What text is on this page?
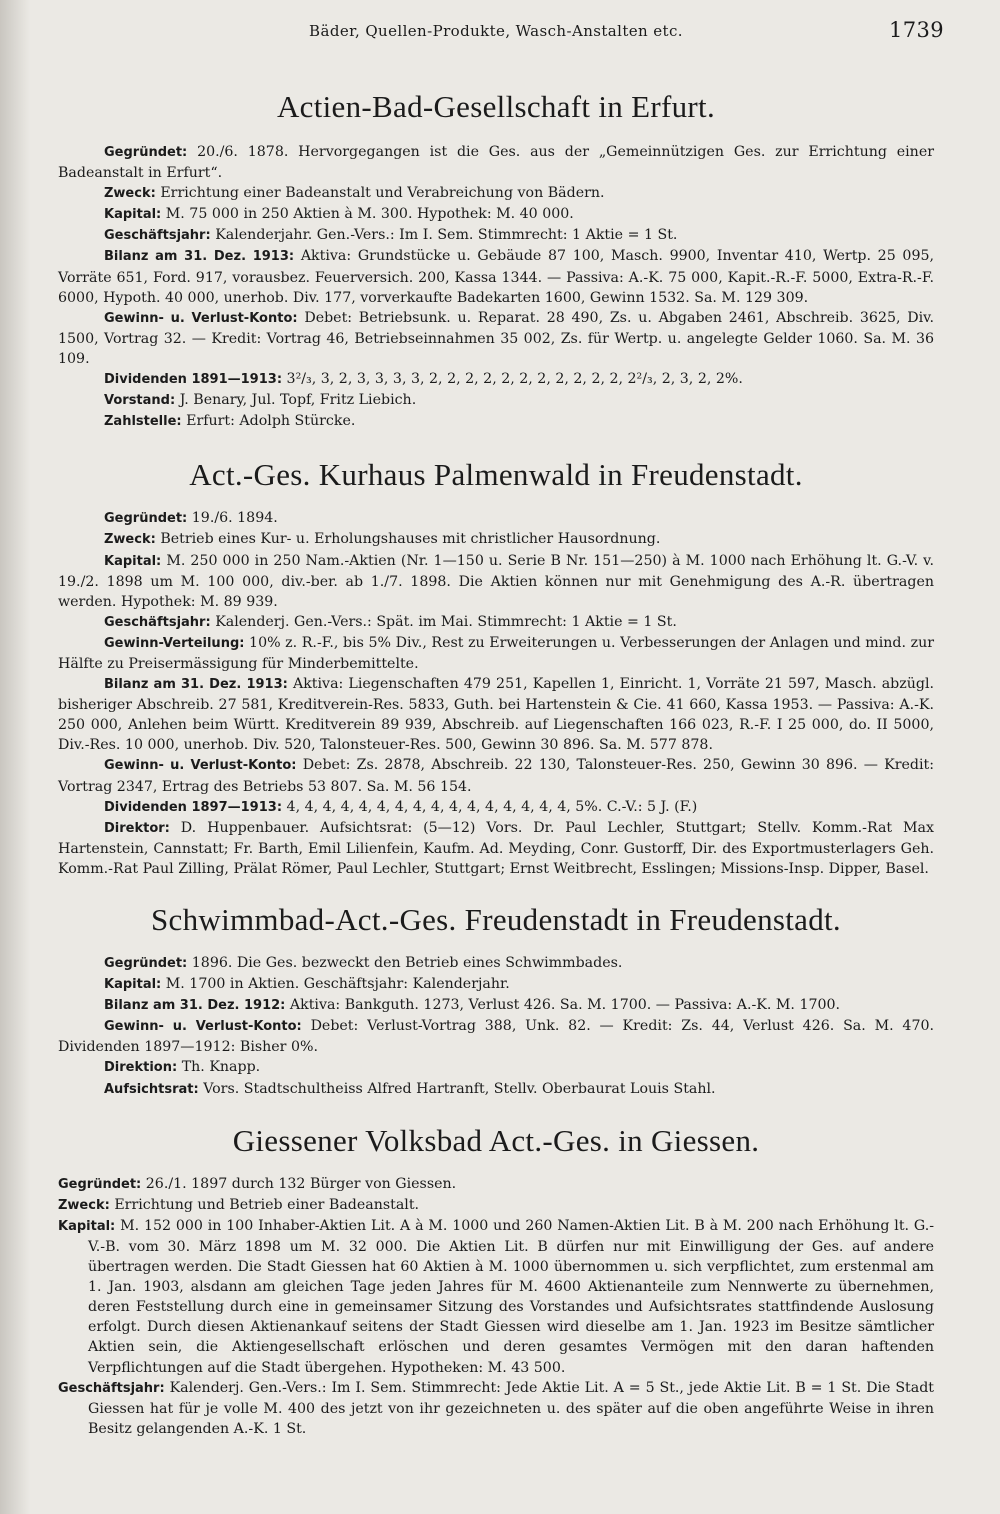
Bäder, Quellen-Produkte, Wasch-Anstalten etc.	1739
Actien-Bad-Gesellschaft in Erfurt.

Gegründet: 20./6. 1878. Hervorgegangen ist die Ges. aus der „Gemeinnützigen Ges. zur Errichtung einer Badeanstalt in Erfurt“.

Zweck: Errichtung einer Badeanstalt und Verabreichung von Bädern.

Kapital: M. 75 000 in 250 Aktien à M. 300. Hypothek: M. 40 000.

Geschäftsjahr: Kalenderjahr. Gen.-Vers.: Im I. Sem. Stimmrecht: 1 Aktie = 1 St.

Bilanz am 31. Dez. 1913: Aktiva: Grundstücke u. Gebäude 87 100, Masch. 9900, Inventar 410, Wertp. 25 095, Vorräte 651, Ford. 917, vorausbez. Feuerversich. 200, Kassa 1344. — Passiva: A.-K. 75 000, Kapit.-R.-F. 5000, Extra-R.-F. 6000, Hypoth. 40 000, unerhob. Div. 177, vorverkaufte Badekarten 1600, Gewinn 1532. Sa. M. 129 309.

Gewinn- u. Verlust-Konto: Debet: Betriebsunk. u. Reparat. 28 490, Zs. u. Abgaben 2461, Abschreib. 3625, Div. 1500, Vortrag 32. — Kredit: Vortrag 46, Betriebseinnahmen 35 002, Zs. für Wertp. u. angelegte Gelder 1060. Sa. M. 36 109.

Dividenden 1891—1913: 3²/₃, 3, 2, 3, 3, 3, 3, 2, 2, 2, 2, 2, 2, 2, 2, 2, 2, 2, 2²/₃, 2, 3, 2, 2%.

Vorstand: J. Benary, Jul. Topf, Fritz Liebich.

Zahlstelle: Erfurt: Adolph Stürcke.

Act.-Ges. Kurhaus Palmenwald in Freudenstadt.

Gegründet: 19./6. 1894.

Zweck: Betrieb eines Kur- u. Erholungshauses mit christlicher Hausordnung.

Kapital: M. 250 000 in 250 Nam.-Aktien (Nr. 1—150 u. Serie B Nr. 151—250) à M. 1000 nach Erhöhung lt. G.-V. v. 19./2. 1898 um M. 100 000, div.-ber. ab 1./7. 1898. Die Aktien können nur mit Genehmigung des A.-R. übertragen werden. Hypothek: M. 89 939.

Geschäftsjahr: Kalenderj. Gen.-Vers.: Spät. im Mai. Stimmrecht: 1 Aktie = 1 St.

Gewinn-Verteilung: 10% z. R.-F., bis 5% Div., Rest zu Erweiterungen u. Verbesserungen der Anlagen und mind. zur Hälfte zu Preisermässigung für Minderbemittelte.

Bilanz am 31. Dez. 1913: Aktiva: Liegenschaften 479 251, Kapellen 1, Einricht. 1, Vorräte 21 597, Masch. abzügl. bisheriger Abschreib. 27 581, Kreditverein-Res. 5833, Guth. bei Hartenstein & Cie. 41 660, Kassa 1953. — Passiva: A.-K. 250 000, Anlehen beim Württ. Kreditverein 89 939, Abschreib. auf Liegenschaften 166 023, R.-F. I 25 000, do. II 5000, Div.-Res. 10 000, unerhob. Div. 520, Talonsteuer-Res. 500, Gewinn 30 896. Sa. M. 577 878.

Gewinn- u. Verlust-Konto: Debet: Zs. 2878, Abschreib. 22 130, Talonsteuer-Res. 250, Gewinn 30 896. — Kredit: Vortrag 2347, Ertrag des Betriebs 53 807. Sa. M. 56 154.

Dividenden 1897—1913: 4, 4, 4, 4, 4, 4, 4, 4, 4, 4, 4, 4, 4, 4, 4, 4, 5%. C.-V.: 5 J. (F.)

Direktor: D. Huppenbauer. Aufsichtsrat: (5—12) Vors. Dr. Paul Lechler, Stuttgart; Stellv. Komm.-Rat Max Hartenstein, Cannstatt; Fr. Barth, Emil Lilienfein, Kaufm. Ad. Meyding, Conr. Gustorff, Dir. des Exportmusterlagers Geh. Komm.-Rat Paul Zilling, Prälat Römer, Paul Lechler, Stuttgart; Ernst Weitbrecht, Esslingen; Missions-Insp. Dipper, Basel.

Schwimmbad-Act.-Ges. Freudenstadt in Freudenstadt.

Gegründet: 1896. Die Ges. bezweckt den Betrieb eines Schwimmbades.

Kapital: M. 1700 in Aktien. Geschäftsjahr: Kalenderjahr.

Bilanz am 31. Dez. 1912: Aktiva: Bankguth. 1273, Verlust 426. Sa. M. 1700. — Passiva: A.-K. M. 1700.

Gewinn- u. Verlust-Konto: Debet: Verlust-Vortrag 388, Unk. 82. — Kredit: Zs. 44, Verlust 426. Sa. M. 470. Dividenden 1897—1912: Bisher 0%.

Direktion: Th. Knapp.

Aufsichtsrat: Vors. Stadtschultheiss Alfred Hartranft, Stellv. Oberbaurat Louis Stahl.

Giessener Volksbad Act.-Ges. in Giessen.

Gegründet: 26./1. 1897 durch 132 Bürger von Giessen.

Zweck: Errichtung und Betrieb einer Badeanstalt.

Kapital: M. 152 000 in 100 Inhaber-Aktien Lit. A à M. 1000 und 260 Namen-Aktien Lit. B à M. 200 nach Erhöhung lt. G.-V.-B. vom 30. März 1898 um M. 32 000. Die Aktien Lit. B dürfen nur mit Einwilligung der Ges. auf andere übertragen werden. Die Stadt Giessen hat 60 Aktien à M. 1000 übernommen u. sich verpflichtet, zum erstenmal am 1. Jan. 1903, alsdann am gleichen Tage jeden Jahres für M. 4600 Aktienanteile zum Nennwerte zu übernehmen, deren Feststellung durch eine in gemeinsamer Sitzung des Vorstandes und Aufsichtsrates stattfindende Auslosung erfolgt. Durch diesen Aktienankauf seitens der Stadt Giessen wird dieselbe am 1. Jan. 1923 im Besitze sämtlicher Aktien sein, die Aktiengesellschaft erlöschen und deren gesamtes Vermögen mit den daran haftenden Verpflichtungen auf die Stadt übergehen. Hypotheken: M. 43 500.

Geschäftsjahr: Kalenderj. Gen.-Vers.: Im I. Sem. Stimmrecht: Jede Aktie Lit. A = 5 St., jede Aktie Lit. B = 1 St. Die Stadt Giessen hat für je volle M. 400 des jetzt von ihr gezeichneten u. des später auf die oben angeführte Weise in ihren Besitz gelangenden A.-K. 1 St.
